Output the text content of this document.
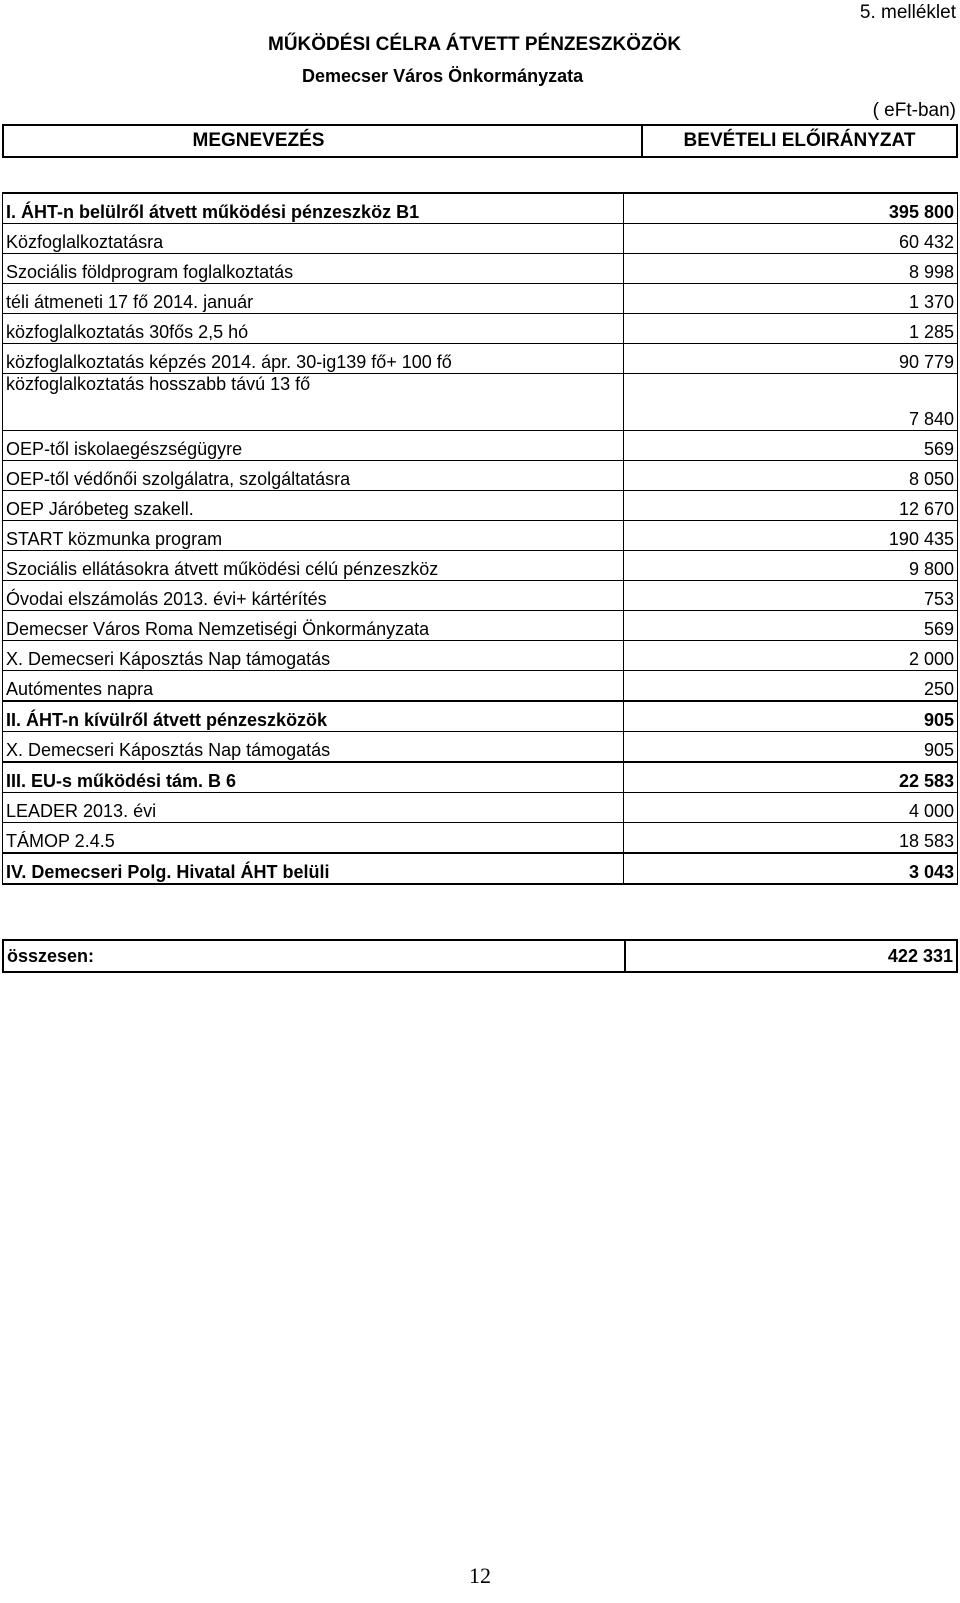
5. melléklet
MŰKÖDÉSI CÉLRA ÁTVETT PÉNZESZKÖZÖK
Demecser Város Önkormányzata
( eFt-ban)
MEGNEVEZÉS	BEVÉTELI ELŐIRÁNYZAT
I. ÁHT-n belülről átvett működési pénzeszköz B1	395 800
Közfoglalkoztatásra	60 432
Szociális földprogram foglalkoztatás	8 998
téli átmeneti 17 fő 2014. január	1 370
közfoglalkoztatás 30fős 2,5 hó	1 285
közfoglalkoztatás képzés 2014. ápr. 30-ig139 fő+ 100 fő	90 779
közfoglalkoztatás hosszabb távú 13 fő	7 840
OEP-től iskolaegészségügyre	569
OEP-től védőnői szolgálatra, szolgáltatásra	8 050
OEP Járóbeteg szakell.	12 670
START közmunka program	190 435
Szociális ellátásokra átvett működési célú pénzeszköz	9 800
Óvodai elszámolás 2013. évi+ kártérítés	753
Demecser Város Roma Nemzetiségi Önkormányzata	569
X. Demecseri Káposztás Nap támogatás	2 000
Autómentes napra	250
II. ÁHT-n kívülről átvett pénzeszközök	905
X. Demecseri Káposztás Nap támogatás	905
III. EU-s működési tám. B 6	22 583
LEADER 2013. évi	4 000
TÁMOP 2.4.5	18 583
IV. Demecseri Polg. Hivatal ÁHT belüli	3 043
összesen:	422 331
12
